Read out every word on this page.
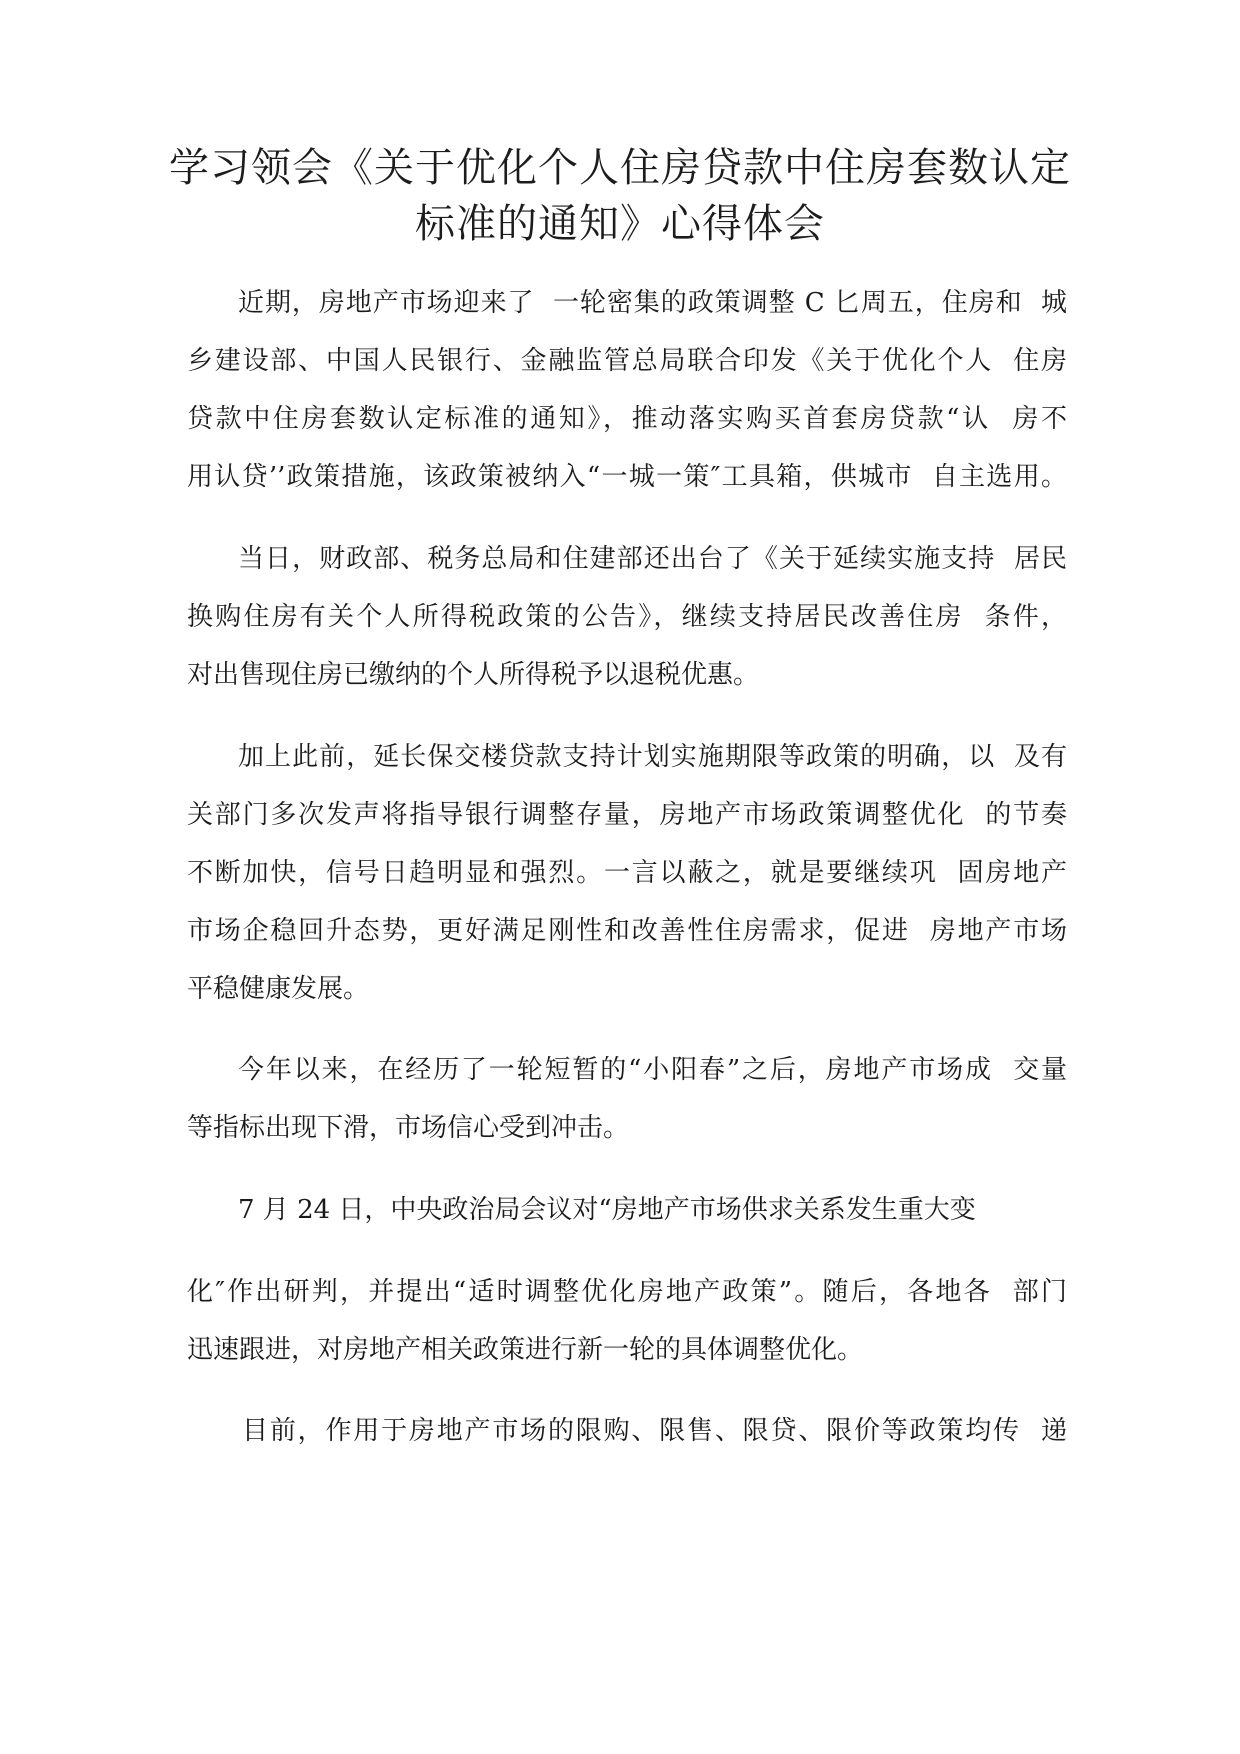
学习领会《关于优化个人住房贷款中住房套数认定
标准的通知》心得体会
近期，房地产市场迎来了  一轮密集的政策调整 C 匕周五，住房和  城
乡建设部、中国人民银行、金融监管总局联合印发《关于优化个人  住房
贷款中住房套数认定标准的通知》，推动落实购买首套房贷款“认  房不
用认贷’’政策措施，该政策被纳入“一城一策″工具箱，供城市  自主选用。
当日，财政部、税务总局和住建部还出台了《关于延续实施支持  居民
换购住房有关个人所得税政策的公告》，继续支持居民改善住房  条件，
对出售现住房已缴纳的个人所得税予以退税优惠。
加上此前，延长保交楼贷款支持计划实施期限等政策的明确，以  及有
关部门多次发声将指导银行调整存量，房地产市场政策调整优化  的节奏
不断加快，信号日趋明显和强烈。一言以蔽之，就是要继续巩  固房地产
市场企稳回升态势，更好满足刚性和改善性住房需求，促进  房地产市场
平稳健康发展。
今年以来，在经历了一轮短暂的“小阳春”之后，房地产市场成  交量
等指标出现下滑，市场信心受到冲击。
7 月 24 日，中央政治局会议对“房地产市场供求关系发生重大变
化″作出研判，并提出“适时调整优化房地产政策”。随后，各地各  部门
迅速跟进，对房地产相关政策进行新一轮的具体调整优化。
目前，作用于房地产市场的限购、限售、限贷、限价等政策均传  递
